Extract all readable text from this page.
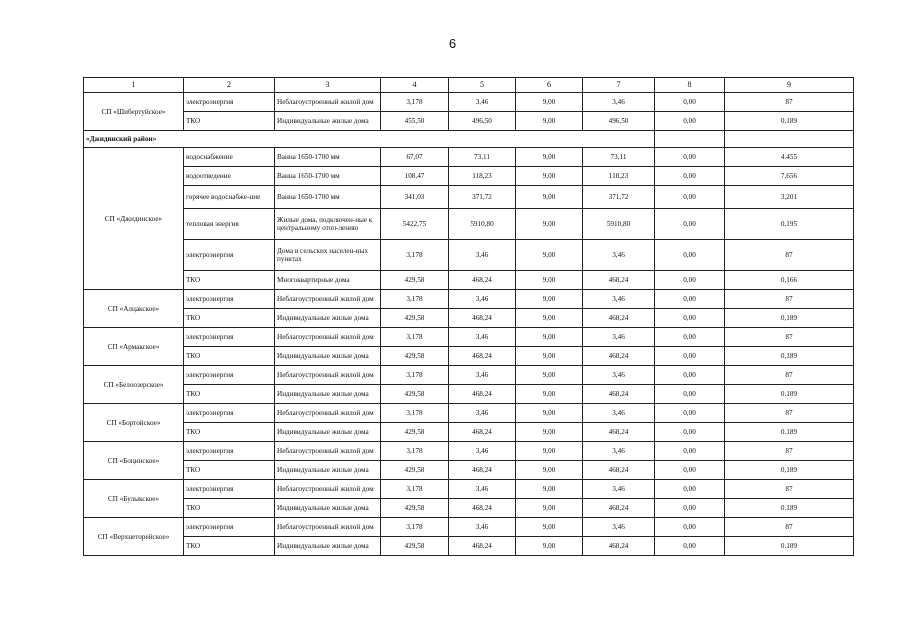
6
1	2	3	4	5	6	7	8	9
СП «Шибертуйское»	электроэнергия	Неблагоустроенный жилой дом	3,178	3,46	9,00	3,46	0,00	87
	ТКО	Индивидуальные жилые дома	455,50	496,50	9,00	496,50	0,00	0,189
«Джидинский район»								
СП «Джидинское»	водоснабжение	Ванна 1650-1700 мм	67,07	73,11	9,00	73,11	0,00	4.455
	водоотведение	Ванна 1650-1700 мм	108,47	118,23	9,00	118,23	0,00	7,656
	горячее водоснабже-ние	Ванна 1650-1700 мм	341,03	371,72	9,00	371,72	0,00	3,201
	тепловая энергия	Жилые дома, подключен-ные к центральному отоп-лению	5422,75	5910,80	9,00	5910,80	0,00	0,195
	электроэнергия	Дома в сельских населен-ных пунктах	3,178	3,46	9,00	3,46	0,00	87
	ТКО	Многоквартирные дома	429,58	468,24	9,00	468,24	0,00	0,166
СП «Алцакское»	электроэнергия	Неблагоустроенный жилой дом	3,178	3,46	9,00	3,46	0,00	87
	ТКО	Индивидуальные жилые дома	429,58	468,24	9,00	468,24	0,00	0,189
СП «Армакское»	электроэнергия	Неблагоустроенный жилой дом	3,178	3,46	9,00	3,46	0,00	87
	ТКО	Индивидуальные жилые дома	429,58	468,24	9,00	468,24	0,00	0,189
СП «Белоозерское»	электроэнергия	Неблагоустроенный жилой дом	3,178	3,46	9,00	3,46	0,00	87
	ТКО	Индивидуальные жилые дома	429,58	468,24	9,00	468,24	0,00	0.189
СП «Бортойское»	электроэнергия	Неблагоустроенный жилой дом	3,178	3,46	9,00	3,46	0,00	87
	ТКО	Индивидуальные жилые дома	429,58	468,24	9,00	468,24	0,00	0.189
СП «Боцинское»	электроэнергия	Неблагоустроенный жилой дом	3,178	3,46	9,00	3,46	0,00	87
	ТКО	Индивидуальные жилые дома	429,58	468,24	9,00	468,24	0,00	0,189
СП «Булыкское»	электроэнергия	Неблагоустроенный жилой дом	3,178	3,46	9,00	3,46	0,00	87
	ТКО	Индивидуальные жилые дома	429,58	468,24	9,00	468,24	0,00	0.189
СП «Верхнеторейское»	электроэнергия	Неблагоустроенный жилой дом	3,178	3,46	9,00	3,46	0,00	87
	ТКО	Индивидуальные жилые дома	429,58	468,24	9,00	468,24	0,00	0.189
